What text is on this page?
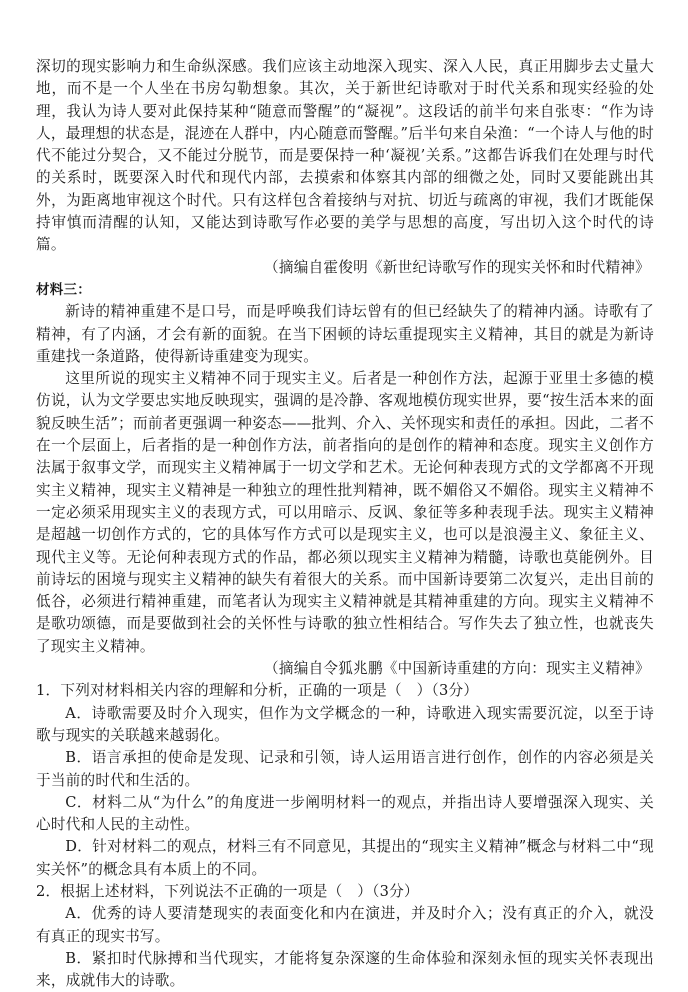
深切的现实影响力和生命纵深感。我们应该主动地深入现实、深入人民，真正用脚步去丈量大地，而不是一个人坐在书房勾勒想象。其次，关于新世纪诗歌对于时代关系和现实经验的处理，我认为诗人要对此保持某种“随意而警醒”的“凝视”。这段话的前半句来自张枣：“作为诗人，最理想的状态是，混迹在人群中，内心随意而警醒。”后半句来自朵渔：“一个诗人与他的时代不能过分契合，又不能过分脱节，而是要保持一种‘凝视’关系。”这都告诉我们在处理与时代的关系时，既要深入时代和现代内部，去摸索和体察其内部的细微之处，同时又要能跳出其外，为距离地审视这个时代。只有这样包含着接纳与对抗、切近与疏离的审视，我们才既能保持审慎而清醒的认知，又能达到诗歌写作必要的美学与思想的高度，写出切入这个时代的诗篇。

（摘编自霍俊明《新世纪诗歌写作的现实关怀和时代精神》

材料三：

新诗的精神重建不是口号，而是呼唤我们诗坛曾有的但已经缺失了的精神内涵。诗歌有了精神，有了内涵，才会有新的面貌。在当下困顿的诗坛重提现实主义精神，其目的就是为新诗重建找一条道路，使得新诗重建变为现实。

这里所说的现实主义精神不同于现实主义。后者是一种创作方法，起源于亚里士多德的模仿说，认为文学要忠实地反映现实，强调的是冷静、客观地模仿现实世界，要“按生活本来的面貌反映生活”；而前者更强调一种姿态——批判、介入、关怀现实和责任的承担。因此，二者不在一个层面上，后者指的是一种创作方法，前者指向的是创作的精神和态度。现实主义创作方法属于叙事文学，而现实主义精神属于一切文学和艺术。无论何种表现方式的文学都离不开现实主义精神，现实主义精神是一种独立的理性批判精神，既不媚俗又不媚俗。现实主义精神不一定必须采用现实主义的表现方式，可以用暗示、反讽、象征等多种表现手法。现实主义精神是超越一切创作方式的，它的具体写作方式可以是现实主义，也可以是浪漫主义、象征主义、现代主义等。无论何种表现方式的作品，都必须以现实主义精神为精髓，诗歌也莫能例外。目前诗坛的困境与现实主义精神的缺失有着很大的关系。而中国新诗要第二次复兴，走出目前的低谷，必须进行精神重建，而笔者认为现实主义精神就是其精神重建的方向。现实主义精神不是歌功颂德，而是要做到社会的关怀性与诗歌的独立性相结合。写作失去了独立性，也就丧失了现实主义精神。

（摘编自令狐兆鹏《中国新诗重建的方向：现实主义精神》

1．下列对材料相关内容的理解和分析，正确的一项是（　）（3分）

A．诗歌需要及时介入现实，但作为文学概念的一种，诗歌进入现实需要沉淀，以至于诗歌与现实的关联越来越弱化。

B．语言承担的使命是发现、记录和引领，诗人运用语言进行创作，创作的内容必须是关于当前的时代和生活的。

C．材料二从“为什么”的角度进一步阐明材料一的观点，并指出诗人要增强深入现实、关心时代和人民的主动性。

D．针对材料二的观点，材料三有不同意见，其提出的“现实主义精神”概念与材料二中“现实关怀”的概念具有本质上的不同。

2．根据上述材料，下列说法不正确的一项是（　）（3分）

A．优秀的诗人要清楚现实的表面变化和内在演进，并及时介入；没有真正的介入，就没有真正的现实书写。

B．紧扣时代脉搏和当代现实，才能将复杂深邃的生命体验和深刻永恒的现实关怀表现出来，成就伟大的诗歌。
